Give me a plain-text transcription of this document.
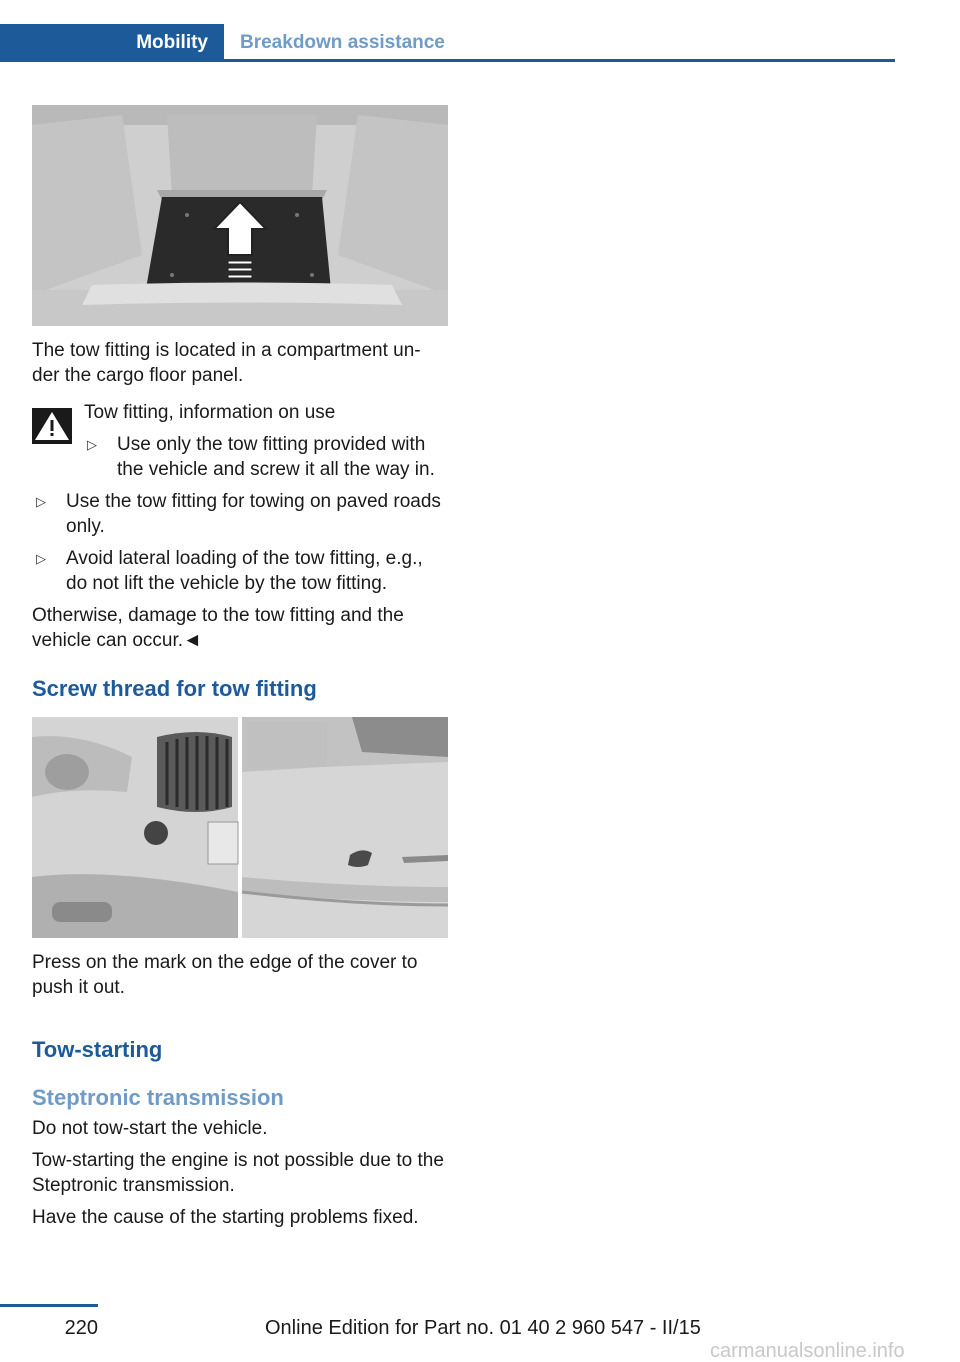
Mobility	Breakdown assistance

The tow fitting is located in a compartment un-der the cargo floor panel.

Tow fitting, information on use
▷ Use only the tow fitting provided with the vehicle and screw it all the way in.
▷ Use the tow fitting for towing on paved roads only.
▷ Avoid lateral loading of the tow fitting, e.g., do not lift the vehicle by the tow fitting.

Otherwise, damage to the tow fitting and the vehicle can occur.◄

Screw thread for tow fitting

Press on the mark on the edge of the cover to push it out.

Tow-starting
Steptronic transmission

Do not tow-start the vehicle.

Tow-starting the engine is not possible due to the Steptronic transmission.

Have the cause of the starting problems fixed.

220	Online Edition for Part no. 01 40 2 960 547 - II/15
carmanualsonline.info
